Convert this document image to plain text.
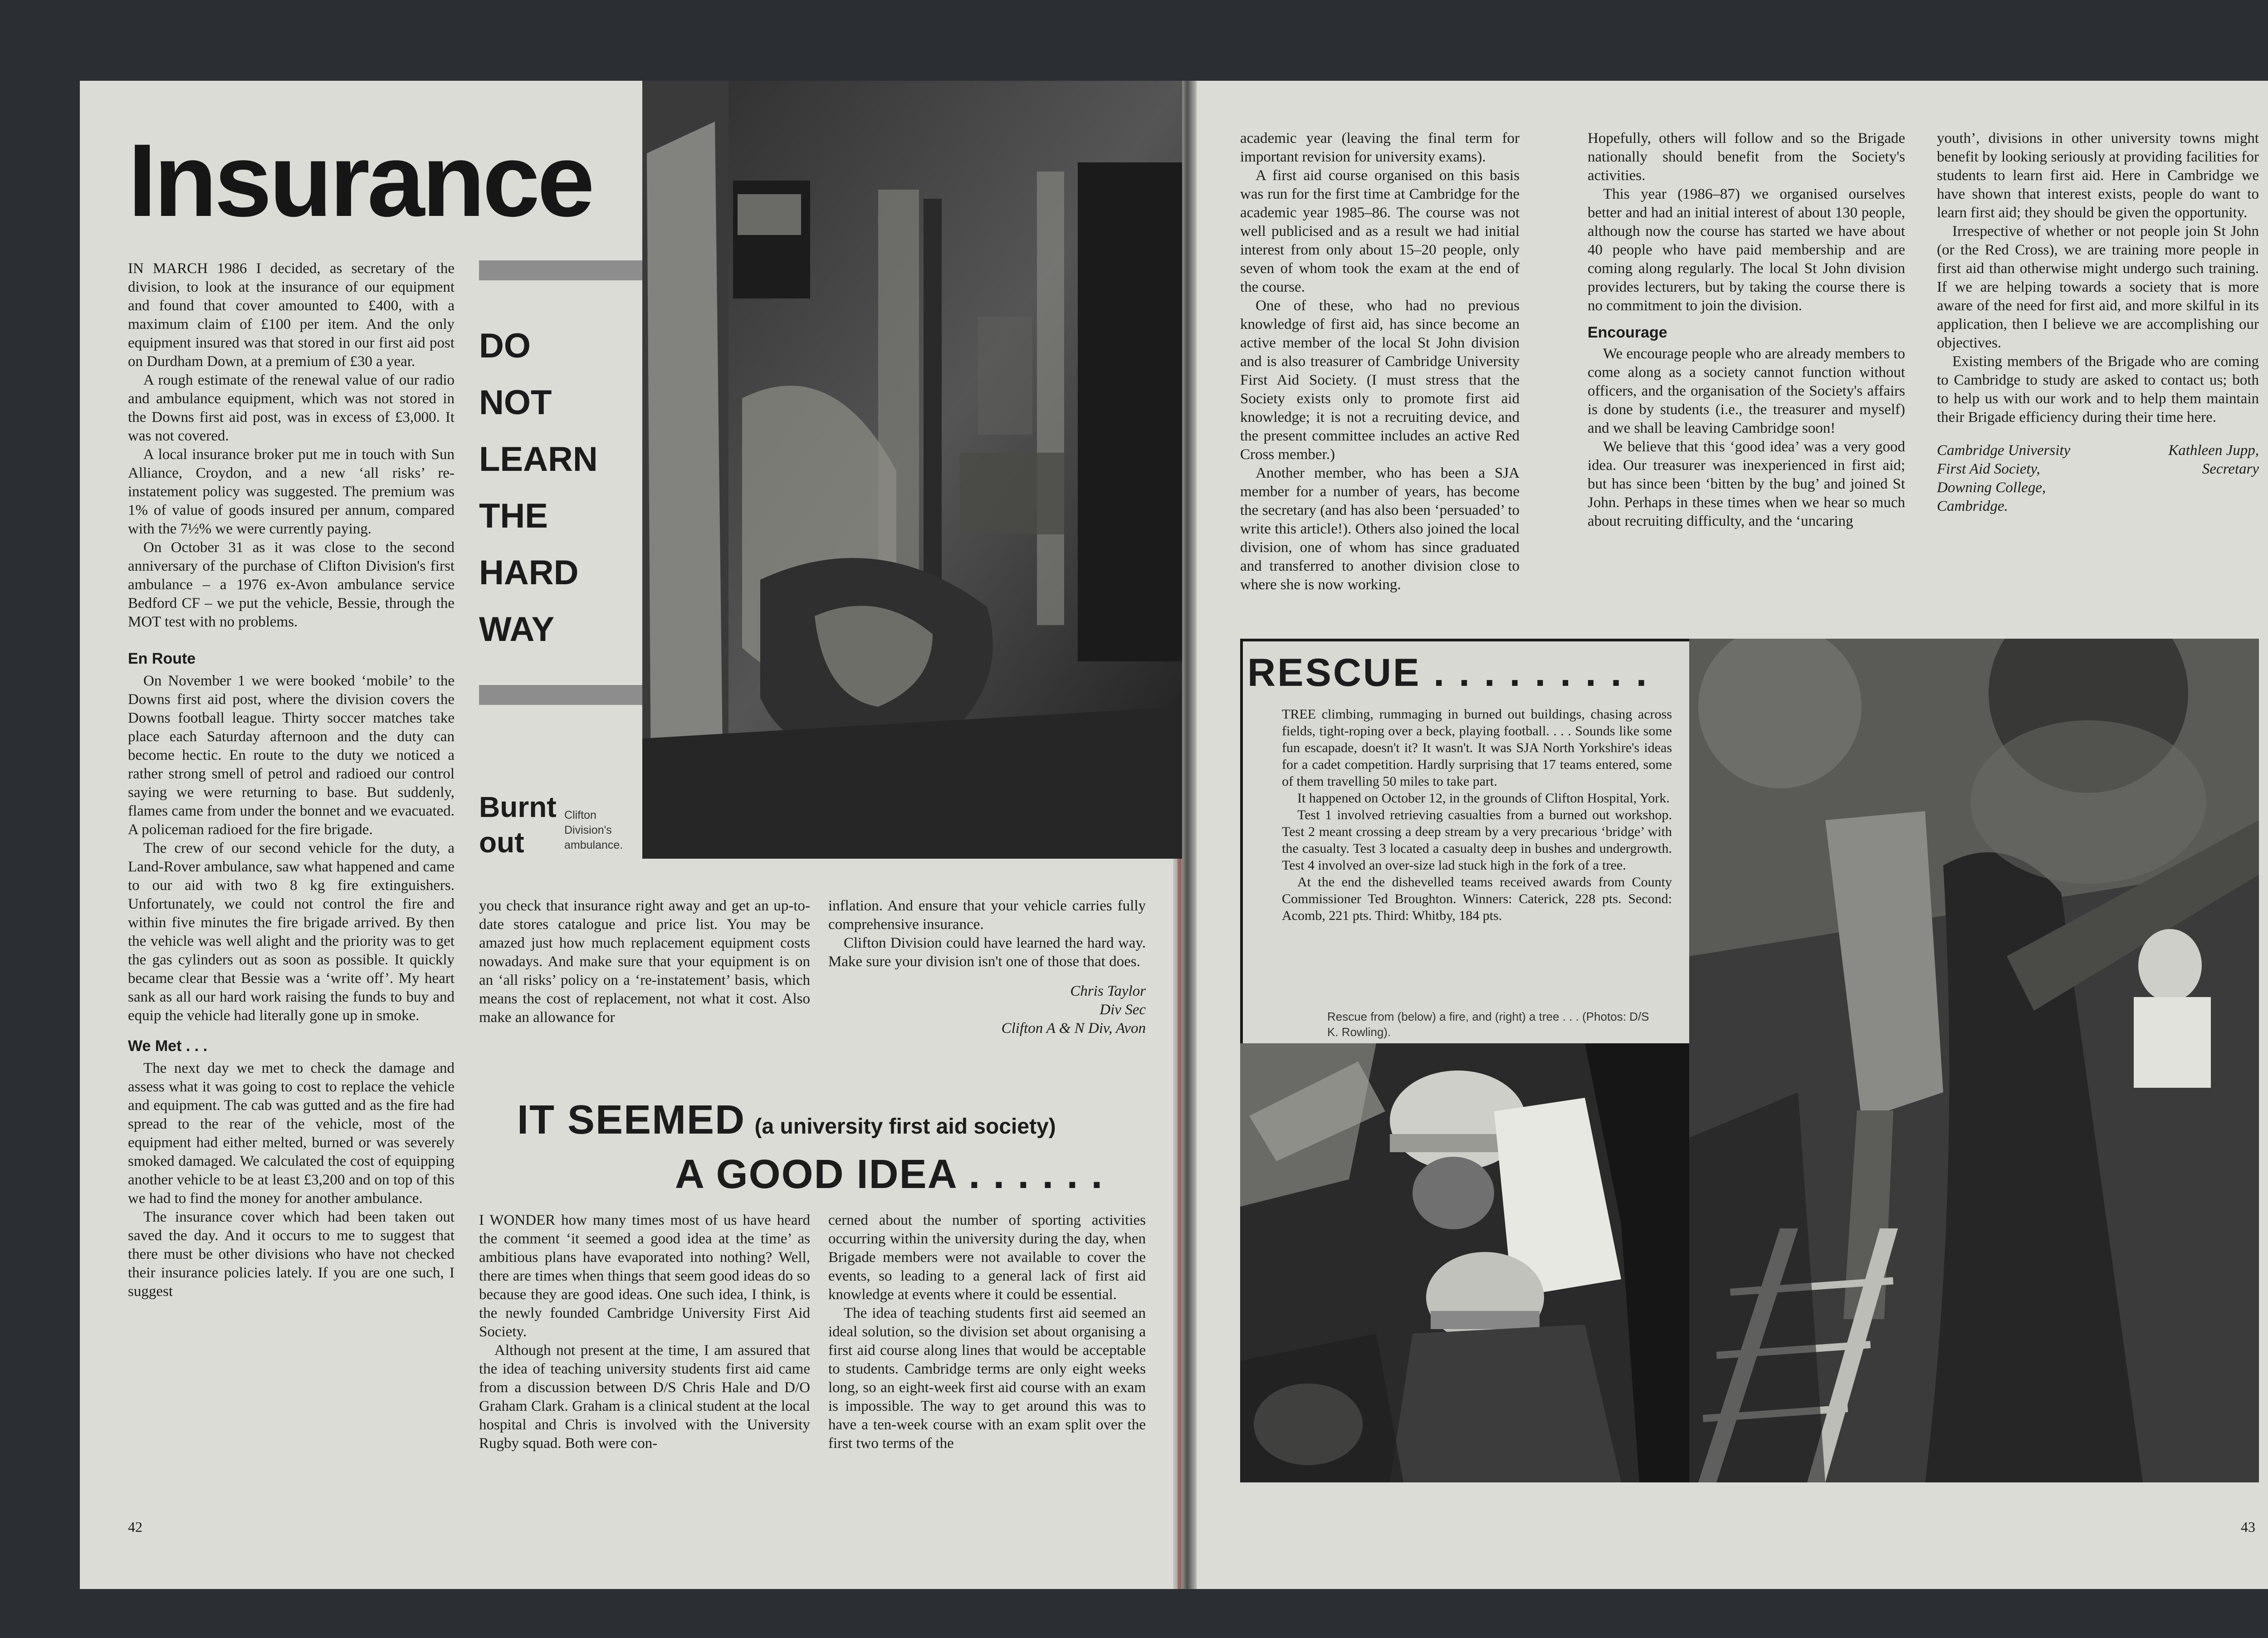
Insurance
DO
NOT
LEARN
THE
HARD
WAY
Burnt
out
Clifton Division's ambulance.

IN MARCH 1986 I decided, as secretary of the division, to look at the insurance of our equipment and found that cover amounted to £400, with a maximum claim of £100 per item. And the only equipment insured was that stored in our first aid post on Durdham Down, at a premium of £30 a year.

A rough estimate of the renewal value of our radio and ambulance equipment, which was not stored in the Downs first aid post, was in excess of £3,000. It was not covered.

A local insurance broker put me in touch with Sun Alliance, Croydon, and a new ‘all risks’ re-instatement policy was suggested. The premium was 1% of value of goods insured per annum, compared with the 7½% we were currently paying.

On October 31 as it was close to the second anniversary of the purchase of Clifton Division's first ambulance – a 1976 ex-Avon ambulance service Bedford CF – we put the vehicle, Bessie, through the MOT test with no problems.

En Route

On November 1 we were booked ‘mobile’ to the Downs first aid post, where the division covers the Downs football league. Thirty soccer matches take place each Saturday afternoon and the duty can become hectic. En route to the duty we noticed a rather strong smell of petrol and radioed our control saying we were returning to base. But suddenly, flames came from under the bonnet and we evacuated. A policeman radioed for the fire brigade.

The crew of our second vehicle for the duty, a Land-Rover ambulance, saw what happened and came to our aid with two 8 kg fire extinguishers. Unfortunately, we could not control the fire and within five minutes the fire brigade arrived. By then the vehicle was well alight and the priority was to get the gas cylinders out as soon as possible. It quickly became clear that Bessie was a ‘write off’. My heart sank as all our hard work raising the funds to buy and equip the vehicle had literally gone up in smoke.

We Met . . .

The next day we met to check the damage and assess what it was going to cost to replace the vehicle and equipment. The cab was gutted and as the fire had spread to the rear of the vehicle, most of the equipment had either melted, burned or was severely smoked damaged. We calculated the cost of equipping another vehicle to be at least £3,200 and on top of this we had to find the money for another ambulance.

The insurance cover which had been taken out saved the day. And it occurs to me to suggest that there must be other divisions who have not checked their insurance policies lately. If you are one such, I suggest

you check that insurance right away and get an up-to-date stores catalogue and price list. You may be amazed just how much replacement equipment costs nowadays. And make sure that your equipment is on an ‘all risks’ policy on a ‘re-instatement’ basis, which means the cost of replacement, not what it cost. Also make an allowance for

inflation. And ensure that your vehicle carries fully comprehensive insurance.

Clifton Division could have learned the hard way. Make sure your division isn't one of those that does.

Chris Taylor
Div Sec
Clifton A & N Div, Avon
IT SEEMED (a university first aid society)
A GOOD IDEA . . . . . .

I WONDER how many times most of us have heard the comment ‘it seemed a good idea at the time’ as ambitious plans have evaporated into nothing? Well, there are times when things that seem good ideas do so because they are good ideas. One such idea, I think, is the newly founded Cambridge University First Aid Society.

Although not present at the time, I am assured that the idea of teaching university students first aid came from a discussion between D/S Chris Hale and D/O Graham Clark. Graham is a clinical student at the local hospital and Chris is involved with the University Rugby squad. Both were con-

cerned about the number of sporting activities occurring within the university during the day, when Brigade members were not available to cover the events, so leading to a general lack of first aid knowledge at events where it could be essential.

The idea of teaching students first aid seemed an ideal solution, so the division set about organising a first aid course along lines that would be acceptable to students. Cambridge terms are only eight weeks long, so an eight-week first aid course with an exam is impossible. The way to get around this was to have a ten-week course with an exam split over the first two terms of the

42

academic year (leaving the final term for important revision for university exams).

A first aid course organised on this basis was run for the first time at Cambridge for the academic year 1985–86. The course was not well publicised and as a result we had initial interest from only about 15–20 people, only seven of whom took the exam at the end of the course.

One of these, who had no previous knowledge of first aid, has since become an active member of the local St John division and is also treasurer of Cambridge University First Aid Society. (I must stress that the Society exists only to promote first aid knowledge; it is not a recruiting device, and the present committee includes an active Red Cross member.)

Another member, who has been a SJA member for a number of years, has become the secretary (and has also been ‘persuaded’ to write this article!). Others also joined the local division, one of whom has since graduated and transferred to another division close to where she is now working.

Hopefully, others will follow and so the Brigade nationally should benefit from the Society's activities.

This year (1986–87) we organised ourselves better and had an initial interest of about 130 people, although now the course has started we have about 40 people who have paid membership and are coming along regularly. The local St John division provides lecturers, but by taking the course there is no commitment to join the division.

Encourage

We encourage people who are already members to come along as a society cannot function without officers, and the organisation of the Society's affairs is done by students (i.e., the treasurer and myself) and we shall be leaving Cambridge soon!

We believe that this ‘good idea’ was a very good idea. Our treasurer was inexperienced in first aid; but has since been ‘bitten by the bug’ and joined St John. Perhaps in these times when we hear so much about recruiting difficulty, and the ‘uncaring

youth’, divisions in other university towns might benefit by looking seriously at providing facilities for students to learn first aid. Here in Cambridge we have shown that interest exists, people do want to learn first aid; they should be given the opportunity.

Irrespective of whether or not people join St John (or the Red Cross), we are training more people in first aid than otherwise might undergo such training. If we are helping towards a society that is more aware of the need for first aid, and more skilful in its application, then I believe we are accomplishing our objectives.

Existing members of the Brigade who are coming to Cambridge to study are asked to contact us; both to help us with our work and to help them maintain their Brigade efficiency during their time here.

Cambridge University
First Aid Society,
Downing College,
Cambridge.
Kathleen Jupp,
Secretary
RESCUE . . . . . . . . .

TREE climbing, rummaging in burned out buildings, chasing across fields, tight-roping over a beck, playing football. . . . Sounds like some fun escapade, doesn't it? It wasn't. It was SJA North Yorkshire's ideas for a cadet competition. Hardly surprising that 17 teams entered, some of them travelling 50 miles to take part.

It happened on October 12, in the grounds of Clifton Hospital, York.

Test 1 involved retrieving casualties from a burned out workshop. Test 2 meant crossing a deep stream by a very precarious ‘bridge’ with the casualty. Test 3 located a casualty deep in bushes and undergrowth. Test 4 involved an over-size lad stuck high in the fork of a tree.

At the end the dishevelled teams received awards from County Commissioner Ted Broughton. Winners: Caterick, 228 pts. Second: Acomb, 221 pts. Third: Whitby, 184 pts.

Rescue from (below) a fire, and (right) a tree . . . (Photos: D/S K. Rowling).
43
